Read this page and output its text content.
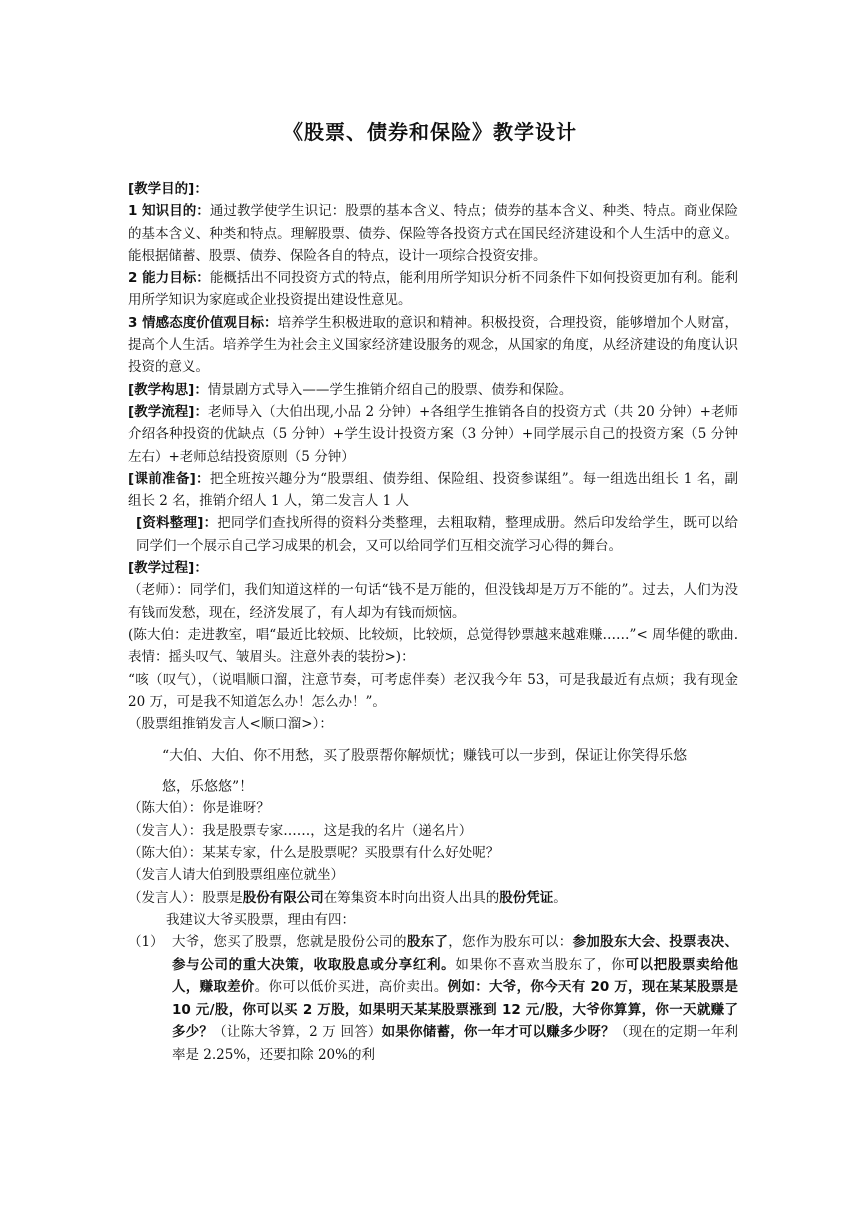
《股票、债券和保险》教学设计

[教学目的]：

1 知识目的：通过教学使学生识记：股票的基本含义、特点；债券的基本含义、种类、特点。商业保险的基本含义、种类和特点。理解股票、债券、保险等各投资方式在国民经济建设和个人生活中的意义。能根据储蓄、股票、债券、保险各自的特点，设计一项综合投资安排。

2 能力目标：能概括出不同投资方式的特点，能利用所学知识分析不同条件下如何投资更加有利。能利用所学知识为家庭或企业投资提出建设性意见。

3 情感态度价值观目标：培养学生积极进取的意识和精神。积极投资，合理投资，能够增加个人财富，提高个人生活。培养学生为社会主义国家经济建设服务的观念，从国家的角度，从经济建设的角度认识投资的意义。

[教学构思]：情景剧方式导入——学生推销介绍自己的股票、债券和保险。

[教学流程]：老师导入（大伯出现,小品 2 分钟）+各组学生推销各自的投资方式（共 20 分钟）+老师介绍各种投资的优缺点（5 分钟）+学生设计投资方案（3 分钟）+同学展示自己的投资方案（5 分钟左右）+老师总结投资原则（5 分钟）

[课前准备]：把全班按兴趣分为“股票组、债券组、保险组、投资参谋组”。每一组选出组长 1 名，副组长 2 名，推销介绍人 1 人，第二发言人 1 人

[资料整理]：把同学们查找所得的资料分类整理，去粗取精，整理成册。然后印发给学生，既可以给同学们一个展示自己学习成果的机会，又可以给同学们互相交流学习心得的舞台。

[教学过程]：

（老师）：同学们，我们知道这样的一句话“钱不是万能的，但没钱却是万万不能的”。过去，人们为没有钱而发愁，现在，经济发展了，有人却为有钱而烦恼。

(陈大伯：走进教室，唱“最近比较烦、比较烦，比较烦，总觉得钞票越来越难赚……”< 周华健的歌曲.表情：摇头叹气、皱眉头。注意外表的装扮>)：

“咳（叹气），（说唱顺口溜，注意节奏，可考虑伴奏）老汉我今年 53，可是我最近有点烦；我有现金 20 万，可是我不知道怎么办！怎么办！”。

（股票组推销发言人<顺口溜>）：

“大伯、大伯、你不用愁，买了股票帮你解烦忧；赚钱可以一步到，保证让你笑得乐悠

悠，乐悠悠”！

（陈大伯）：你是谁呀？

（发言人）：我是股票专家……，这是我的名片（递名片）

（陈大伯）：某某专家，什么是股票呢？买股票有什么好处呢？

（发言人请大伯到股票组座位就坐）

（发言人）：股票是股份有限公司在筹集资本时向出资人出具的股份凭证。

我建议大爷买股票，理由有四：

（1） 大爷，您买了股票，您就是股份公司的股东了，您作为股东可以：参加股东大会、投票表决、参与公司的重大决策，收取股息或分享红利。如果你不喜欢当股东了，你可以把股票卖给他人，赚取差价。你可以低价买进，高价卖出。例如：大爷，你今天有 20 万，现在某某股票是 10 元/股，你可以买 2 万股，如果明天某某股票涨到 12 元/股，大爷你算算，你一天就赚了多少？（让陈大爷算，2 万 回答）如果你储蓄，你一年才可以赚多少呀？（现在的定期一年利率是 2.25%，还要扣除 20%的利
